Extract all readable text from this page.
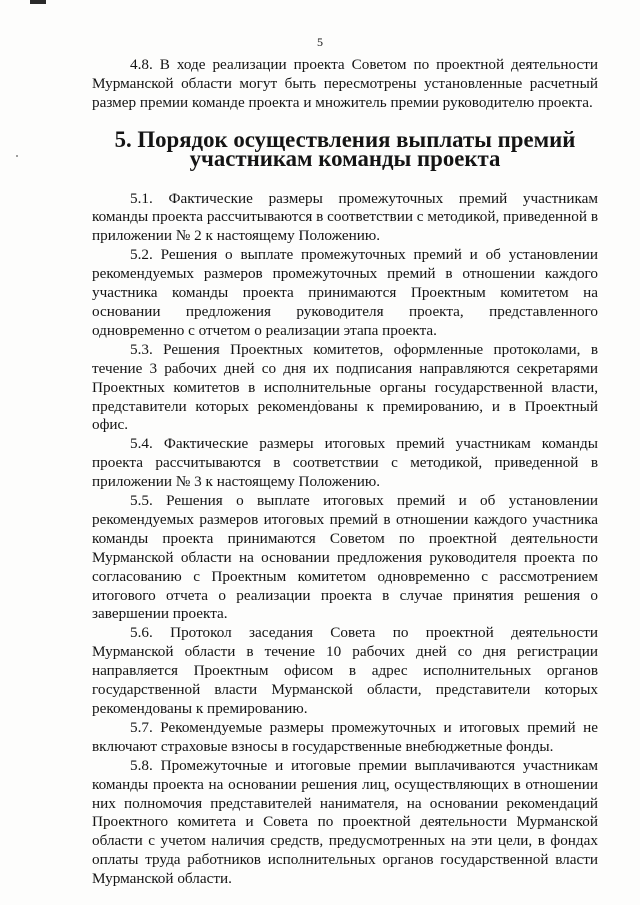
5

4.8. В ходе реализации проекта Советом по проектной деятельности Мурманской области могут быть пересмотрены установленные расчетный размер премии команде проекта и множитель премии руководителю проекта.

5. Порядок осуществления выплаты премий участникам команды проекта

5.1. Фактические размеры промежуточных премий участникам команды проекта рассчитываются в соответствии с методикой, приведенной в приложении № 2 к настоящему Положению.

5.2. Решения о выплате промежуточных премий и об установлении рекомендуемых размеров промежуточных премий в отношении каждого участника команды проекта принимаются Проектным комитетом на основании предложения руководителя проекта, представленного одновременно с отчетом о реализации этапа проекта.

5.3. Решения Проектных комитетов, оформленные протоколами, в течение 3 рабочих дней со дня их подписания направляются секретарями Проектных комитетов в исполнительные органы государственной власти, представители которых рекомендованы к премированию, и в Проектный офис.

5.4. Фактические размеры итоговых премий участникам команды проекта рассчитываются в соответствии с методикой, приведенной в приложении № 3 к настоящему Положению.

5.5. Решения о выплате итоговых премий и об установлении рекомендуемых размеров итоговых премий в отношении каждого участника команды проекта принимаются Советом по проектной деятельности Мурманской области на основании предложения руководителя проекта по согласованию с Проектным комитетом одновременно с рассмотрением итогового отчета о реализации проекта в случае принятия решения о завершении проекта.

5.6. Протокол заседания Совета по проектной деятельности Мурманской области в течение 10 рабочих дней со дня регистрации направляется Проектным офисом в адрес исполнительных органов государственной власти Мурманской области, представители которых рекомендованы к премированию.

5.7. Рекомендуемые размеры промежуточных и итоговых премий не включают страховые взносы в государственные внебюджетные фонды.

5.8. Промежуточные и итоговые премии выплачиваются участникам команды проекта на основании решения лиц, осуществляющих в отношении них полномочия представителей нанимателя, на основании рекомендаций Проектного комитета и Совета по проектной деятельности Мурманской области с учетом наличия средств, предусмотренных на эти цели, в фондах оплаты труда работников исполнительных органов государственной власти Мурманской области.
